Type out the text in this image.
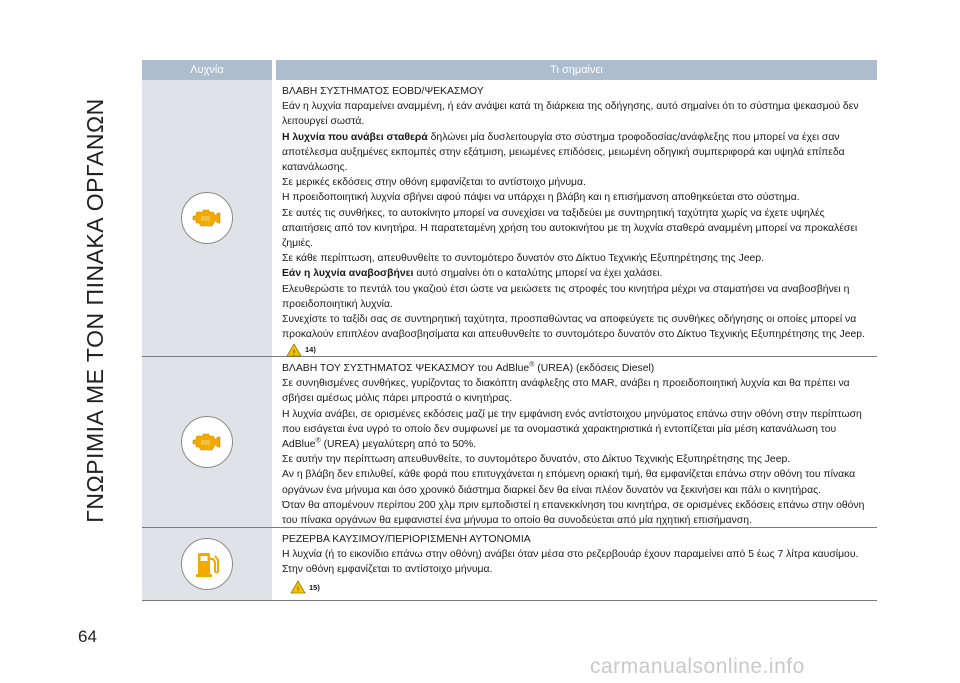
ΓΝΩΡΙΜΙΑ ΜΕ ΤΟΝ ΠΙΝΑΚΑ ΟΡΓΑΝΩΝ
Λυχνία	Τι σημαίνει

ΒΛΑΒΗ ΣΥΣΤΗΜΑΤΟΣ EOBD/ΨΕΚΑΣΜΟΥ

Εάν η λυχνία παραμείνει αναμμένη, ή εάν ανάψει κατά τη διάρκεια της οδήγησης, αυτό σημαίνει ότι το σύστημα ψεκασμού δεν λειτουργεί σωστά.

Η λυχνία που ανάβει σταθερά δηλώνει μία δυσλειτουργία στο σύστημα τροφοδοσίας/ανάφλεξης που μπορεί να έχει σαν αποτέλεσμα αυξημένες εκπομπές στην εξάτμιση, μειωμένες επιδόσεις, μειωμένη οδηγική συμπεριφορά και υψηλά επίπεδα κατανάλωσης.

Σε μερικές εκδόσεις στην οθόνη εμφανίζεται το αντίστοιχο μήνυμα.

Η προειδοποιητική λυχνία σβήνει αφού πάψει να υπάρχει η βλάβη και η επισήμανση αποθηκεύεται στο σύστημα.

Σε αυτές τις συνθήκες, το αυτοκίνητο μπορεί να συνεχίσει να ταξιδεύει με συντηρητική ταχύτητα χωρίς να έχετε υψηλές απαιτήσεις από τον κινητήρα. Η παρατεταμένη χρήση του αυτοκινήτου με τη λυχνία σταθερά αναμμένη μπορεί να προκαλέσει ζημιές.

Σε κάθε περίπτωση, απευθυνθείτε το συντομότερο δυνατόν στο Δίκτυο Τεχνικής Εξυπηρέτησης της Jeep.

Εάν η λυχνία αναβοσβήνει αυτό σημαίνει ότι ο καταλύτης μπορεί να έχει χαλάσει.

Ελευθερώστε το πεντάλ του γκαζιού έτσι ώστε να μειώσετε τις στροφές του κινητήρα μέχρι να σταματήσει να αναβοσβήνει η προειδοποιητική λυχνία.

Συνεχίστε το ταξίδι σας σε συντηρητική ταχύτητα, προσπαθώντας να αποφεύγετε τις συνθήκες οδήγησης οι οποίες μπορεί να προκαλούν επιπλέον αναβοσβησίματα και απευθυνθείτε το συντομότερο δυνατόν στο Δίκτυο Τεχνικής Εξυπηρέτησης της Jeep.
! 14)

ΒΛΑΒΗ ΤΟΥ ΣΥΣΤΗΜΑΤΟΣ ΨΕΚΑΣΜΟΥ του AdBlue® (UREA) (εκδόσεις Diesel)

Σε συνηθισμένες συνθήκες, γυρίζοντας το διακόπτη ανάφλεξης στο MAR, ανάβει η προειδοποιητική λυχνία και θα πρέπει να σβήσει αμέσως μόλις πάρει μπροστά ο κινητήρας.

Η λυχνία ανάβει, σε ορισμένες εκδόσεις μαζί με την εμφάνιση ενός αντίστοιχου μηνύματος επάνω στην οθόνη στην περίπτωση που εισάγεται ένα υγρό το οποίο δεν συμφωνεί με τα ονομαστικά χαρακτηριστικά ή εντοπίζεται μία μέση κατανάλωση του AdBlue® (UREA) μεγαλύτερη από το 50%.

Σε αυτήν την περίπτωση απευθυνθείτε, το συντομότερο δυνατόν, στο Δίκτυο Τεχνικής Εξυπηρέτησης της Jeep.

Αν η βλάβη δεν επιλυθεί, κάθε φορά που επιτυγχάνεται η επόμενη οριακή τιμή, θα εμφανίζεται επάνω στην οθόνη του πίνακα οργάνων ένα μήνυμα και όσο χρονικό διάστημα διαρκεί δεν θα είναι πλέον δυνατόν να ξεκινήσει και πάλι ο κινητήρας.

Όταν θα απομένουν περίπου 200 χλμ πριν εμποδιστεί η επανεκκίνηση του κινητήρα, σε ορισμένες εκδόσεις επάνω στην οθόνη του πίνακα οργάνων θα εμφανιστεί ένα μήνυμα το οποίο θα συνοδεύεται από μία ηχητική επισήμανση.

ΡΕΖΕΡΒΑ ΚΑΥΣΙΜΟΥ/ΠΕΡΙΟΡΙΣΜΕΝΗ ΑΥΤΟΝΟΜΙΑ

Η λυχνία (ή το εικονίδιο επάνω στην οθόνη) ανάβει όταν μέσα στο ρεζερβουάρ έχουν παραμείνει από 5 έως 7 λίτρα καυσίμου. Στην οθόνη εμφανίζεται το αντίστοιχο μήνυμα.

! 15)

64
carmanualsonline.info
